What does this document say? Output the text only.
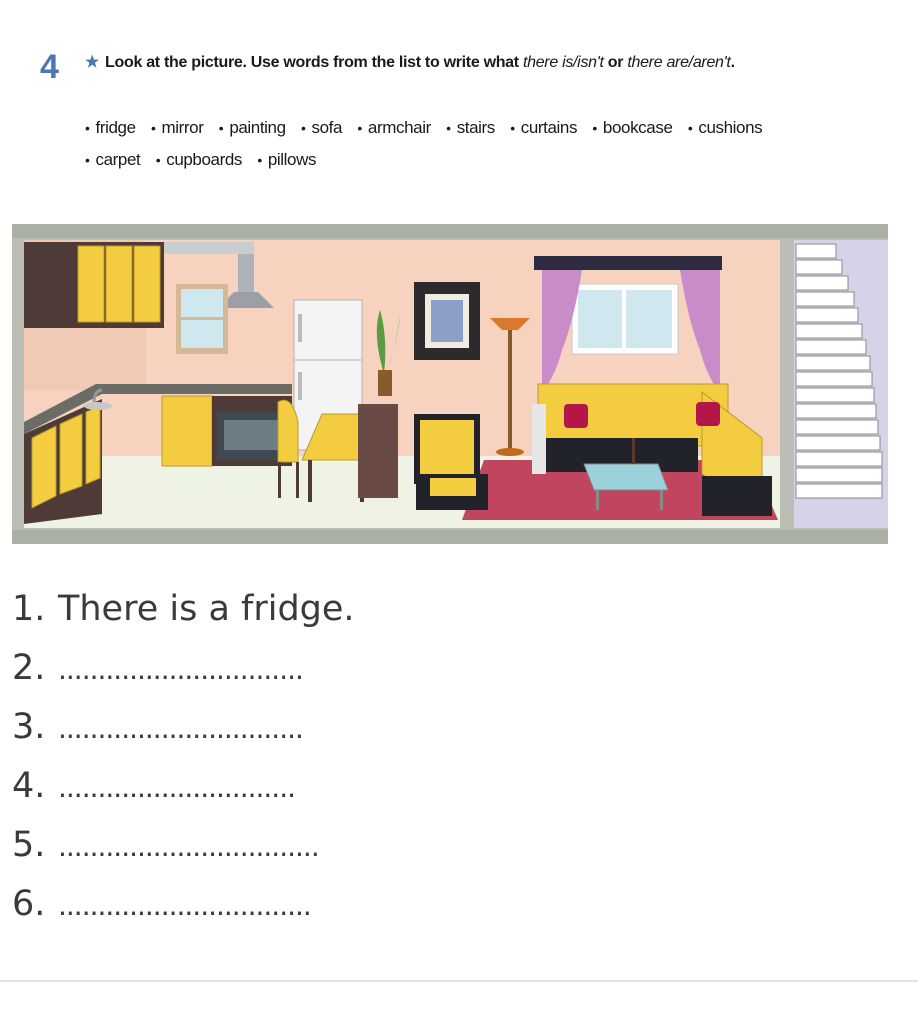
4 ★ Look at the picture. Use words from the list to write what there is/isn't or there are/aren't.
• fridge • mirror • painting • sofa • armchair • stairs • curtains • bookcase • cushions
• carpet • cupboards • pillows
1. There is a fridge.
2. ...............................
3. ...............................
4. ..............................
5. .................................
6. ................................
